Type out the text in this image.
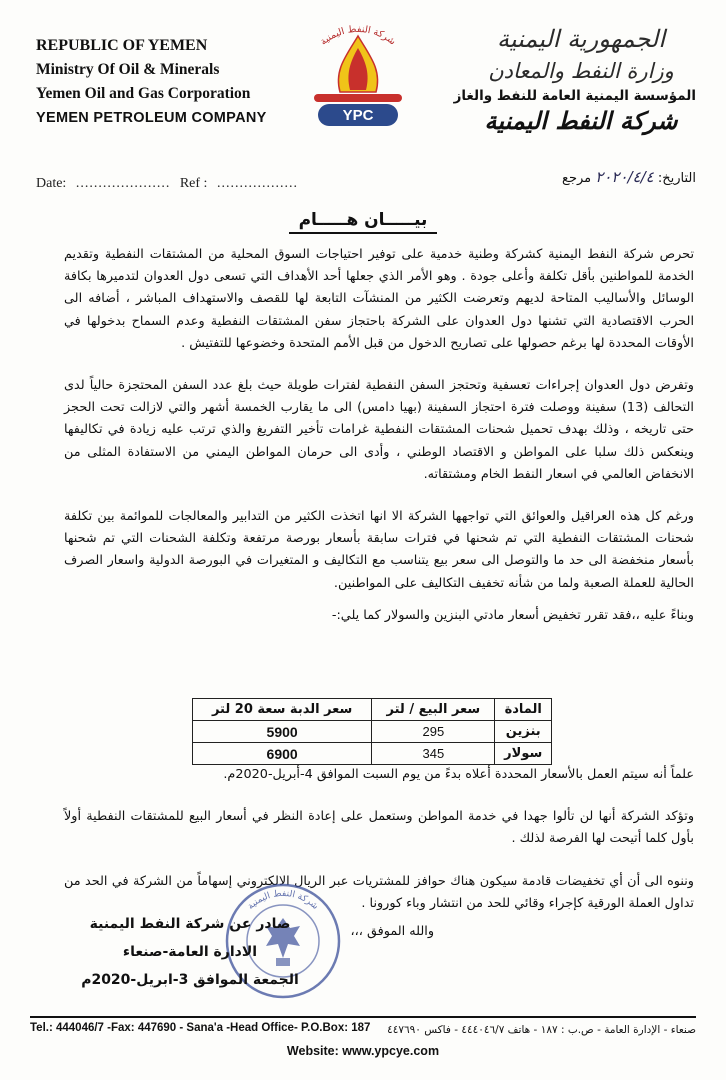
REPUBLIC OF YEMEN
Ministry Of Oil & Minerals
Yemen Oil and Gas Corporation
YEMEN PETROLEUM COMPANY
شركة النفط اليمنية
YPC
الجمهورية اليمنية
وزارة النفط والمعادن
المؤسسة اليمنية العامة للنفط والغاز
شركة النفط اليمنية
Date: ..................... Ref : ..................	التاريخ: ٢٠٢٠/٤/٤ مرجع
بيـــــان هـــــام

تحرص شركة النفط اليمنية كشركة وطنية خدمية على توفير احتياجات السوق المحلية من المشتقات النفطية وتقديم الخدمة للمواطنين بأقل تكلفة وأعلى جودة . وهو الأمر الذي جعلها أحد الأهداف التي تسعى دول العدوان لتدميرها بكافة الوسائل والأساليب المتاحة لديهم وتعرضت الكثير من المنشآت التابعة لها للقصف والاستهداف المباشر ، أضافه الى الحرب الاقتصادية التي تشنها دول العدوان على الشركة باحتجاز سفن المشتقات النفطية وعدم السماح بدخولها في الأوقات المحددة لها برغم حصولها على تصاريح الدخول من قبل الأمم المتحدة وخضوعها للتفتيش .

وتفرض دول العدوان إجراءات تعسفية وتحتجز السفن النفطية لفترات طويلة حيث بلغ عدد السفن المحتجزة حالياً لدى التحالف (13) سفينة ووصلت فترة احتجاز السفينة (بهيا دامس) الى ما يقارب الخمسة أشهر والتي لازالت تحت الحجز حتى تاريخه ، وذلك بهدف تحميل شحنات المشتقات النفطية غرامات تأخير التفريغ والذي ترتب عليه زيادة في تكاليفها وينعكس ذلك سلبا على المواطن و الاقتصاد الوطني ، وأدى الى حرمان المواطن اليمني من الاستفادة المثلى من الانخفاض العالمي في اسعار النفط الخام ومشتقاته.

ورغم كل هذه العراقيل والعوائق التي تواجهها الشركة الا انها اتخذت الكثير من التدابير والمعالجات للموائمة بين تكلفة شحنات المشتقات النفطية التي تم شحنها في فترات سابقة بأسعار بورصة مرتفعة وتكلفة الشحنات التي تم شحنها بأسعار منخفضة الى حد ما والتوصل الى سعر بيع يتناسب مع التكاليف و المتغيرات في البورصة الدولية واسعار الصرف الحالية للعملة الصعبة ولما من شأنه تخفيف التكاليف على المواطنين.

وبناءً عليه ،،فقد تقرر تخفيض أسعار مادتي البنزين والسولار كما يلي:-

المادة	سعر البيع / لتر	سعر الدبة سعة 20 لتر
بنزين	295	5900
سولار	345	6900

علماً أنه سيتم العمل بالأسعار المحددة أعلاه بدءً من يوم السبت الموافق 4-أبريل-2020م.

وتؤكد الشركة أنها لن تألوا جهدا في خدمة المواطن وستعمل على إعادة النظر في أسعار البيع للمشتقات النفطية أولاً بأول كلما أتيحت لها الفرصة لذلك .

وننوه الى أن أي تخفيضات قادمة سيكون هناك حوافز للمشتريات عبر الريال الالكتروني إسهاماً من الشركة في الحد من تداول العملة الورقية كإجراء وقائي للحد من انتشار وباء كورونا .

والله الموفق ،،،

شركة النفط اليمنية
صادر عن شركة النفط اليمنية
الادارة العامة-صنعاء
الجمعة الموافق 3-ابريل-2020م
Tel.: 444046/7 -Fax: 447690 - Sana'a -Head Office- P.O.Box: 187 صنعاء - الإدارة العامة - ص.ب : ١٨٧ - هاتف ٤٤٤٠٤٦/٧ - فاكس ٤٤٧٦٩٠
Website: www.ypcye.com
